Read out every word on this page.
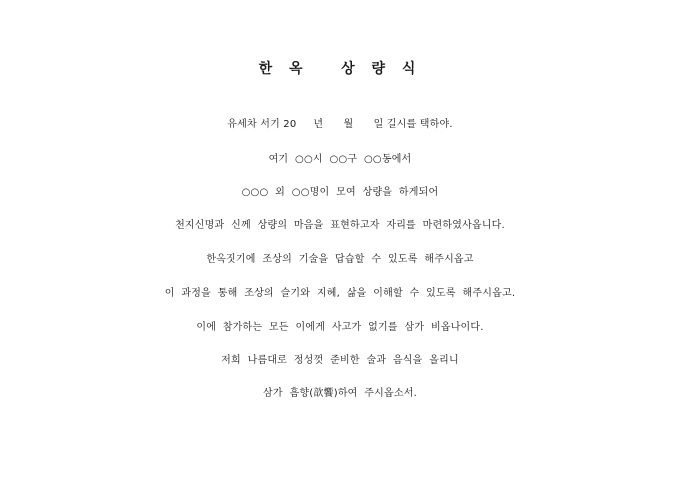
한 옥   상 량 식
유세차 서기 20     년      월      일 길시를 택하야.
여기  ○○시  ○○구  ○○동에서
○○○  외  ○○명이  모여  상량을  하게되어
천지신명과  신께  상량의  마음을  표현하고자  자리를  마련하였사옵니다.
한옥짓기에  조상의  기술을  답습할  수  있도록  해주시옵고
이  과정을  통해  조상의  슬기와  지혜,  삶을  이해할  수  있도록  해주시옵고.
이에  참가하는  모든  이에게  사고가  없기를  삼가  비옵나이다.
저희  나름대로  정성껏  준비한  술과  음식을  올리니
삼가  흠향(歆饗)하여  주시옵소서.
